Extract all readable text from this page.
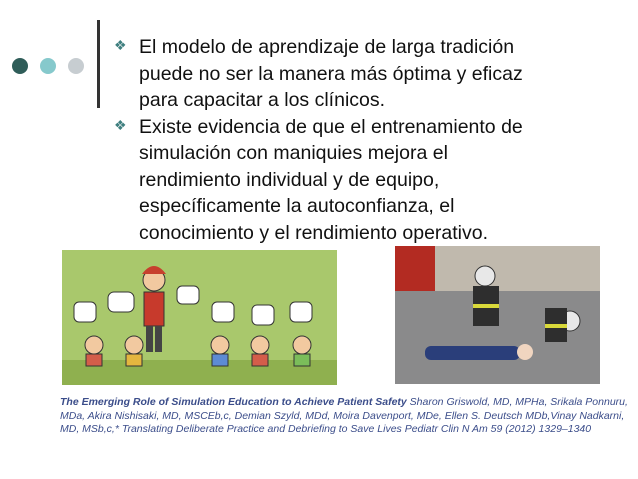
❖
El modelo de aprendizaje de larga tradición
puede no ser la manera más óptima y eficaz
para capacitar a los clínicos.
❖
Existe evidencia de que el entrenamiento de
simulación con maniquies mejora el
rendimiento individual y de equipo,
específicamente la autoconfianza, el
conocimiento y el rendimiento operativo.
The Emerging Role of Simulation Education to Achieve Patient Safety Sharon Griswold, MD, MPHa, Srikala Ponnuru, MDa, Akira Nishisaki, MD, MSCEb,c, Demian Szyld, MDd, Moira Davenport, MDe, Ellen S. Deutsch MDb,Vinay Nadkarni, MD, MSb,c,* Translating Deliberate Practice and Debriefing to Save Lives Pediatr Clin N Am 59 (2012) 1329–1340
